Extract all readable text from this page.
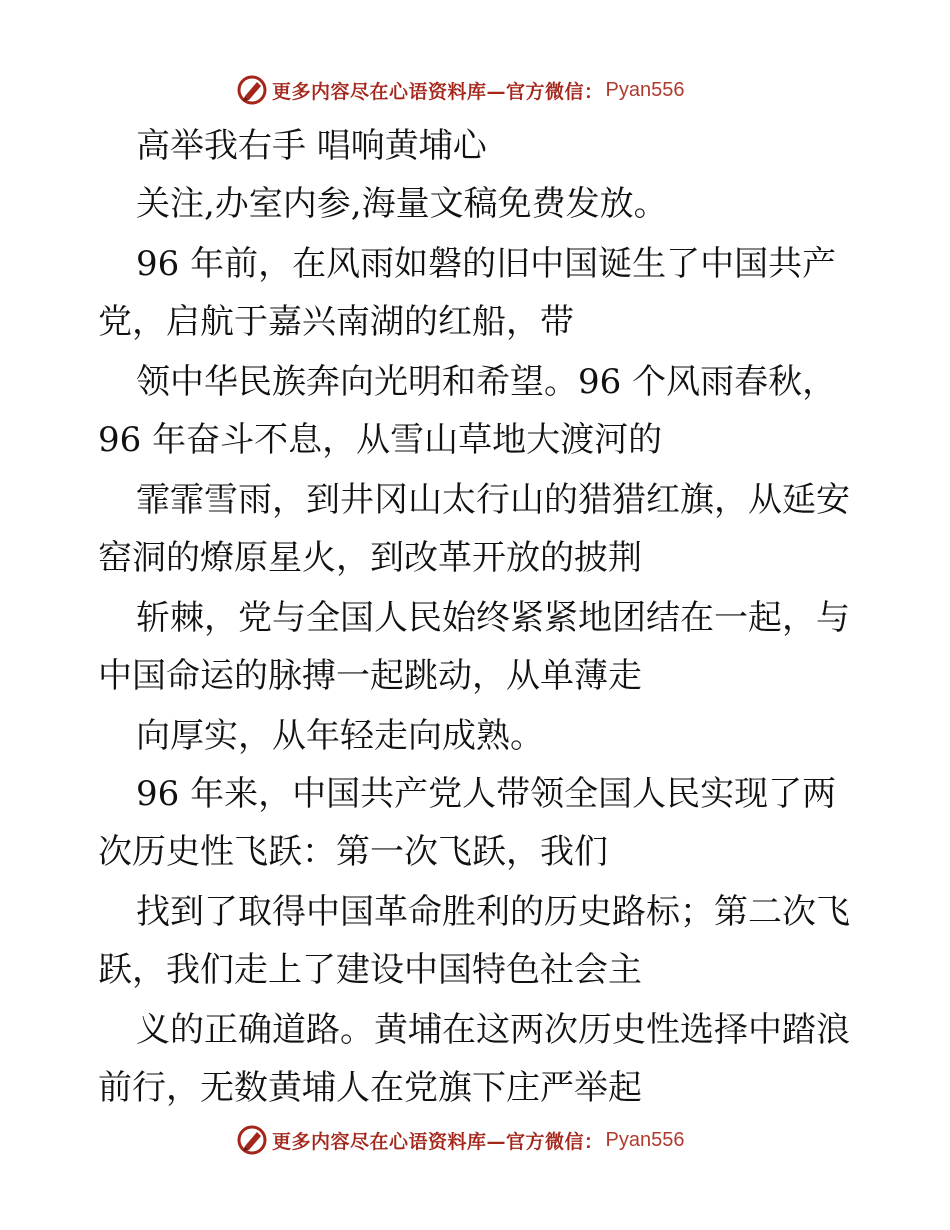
更多内容尽在心语资料库—官方微信： Pyan556
高举我右手 唱响黄埔心
关注,办室内参,海量文稿免费发放。
96 年前，在风雨如磐的旧中国诞生了中国共产
党，启航于嘉兴南湖的红船，带
领中华民族奔向光明和希望。96 个风雨春秋，
96 年奋斗不息，从雪山草地大渡河的
霏霏雪雨，到井冈山太行山的猎猎红旗，从延安
窑洞的燎原星火，到改革开放的披荆
斩棘，党与全国人民始终紧紧地团结在一起，与
中国命运的脉搏一起跳动，从单薄走
向厚实，从年轻走向成熟。
96 年来，中国共产党人带领全国人民实现了两
次历史性飞跃：第一次飞跃，我们
找到了取得中国革命胜利的历史路标；第二次飞
跃，我们走上了建设中国特色社会主
义的正确道路。黄埔在这两次历史性选择中踏浪
前行，无数黄埔人在党旗下庄严举起
更多内容尽在心语资料库—官方微信： Pyan556
